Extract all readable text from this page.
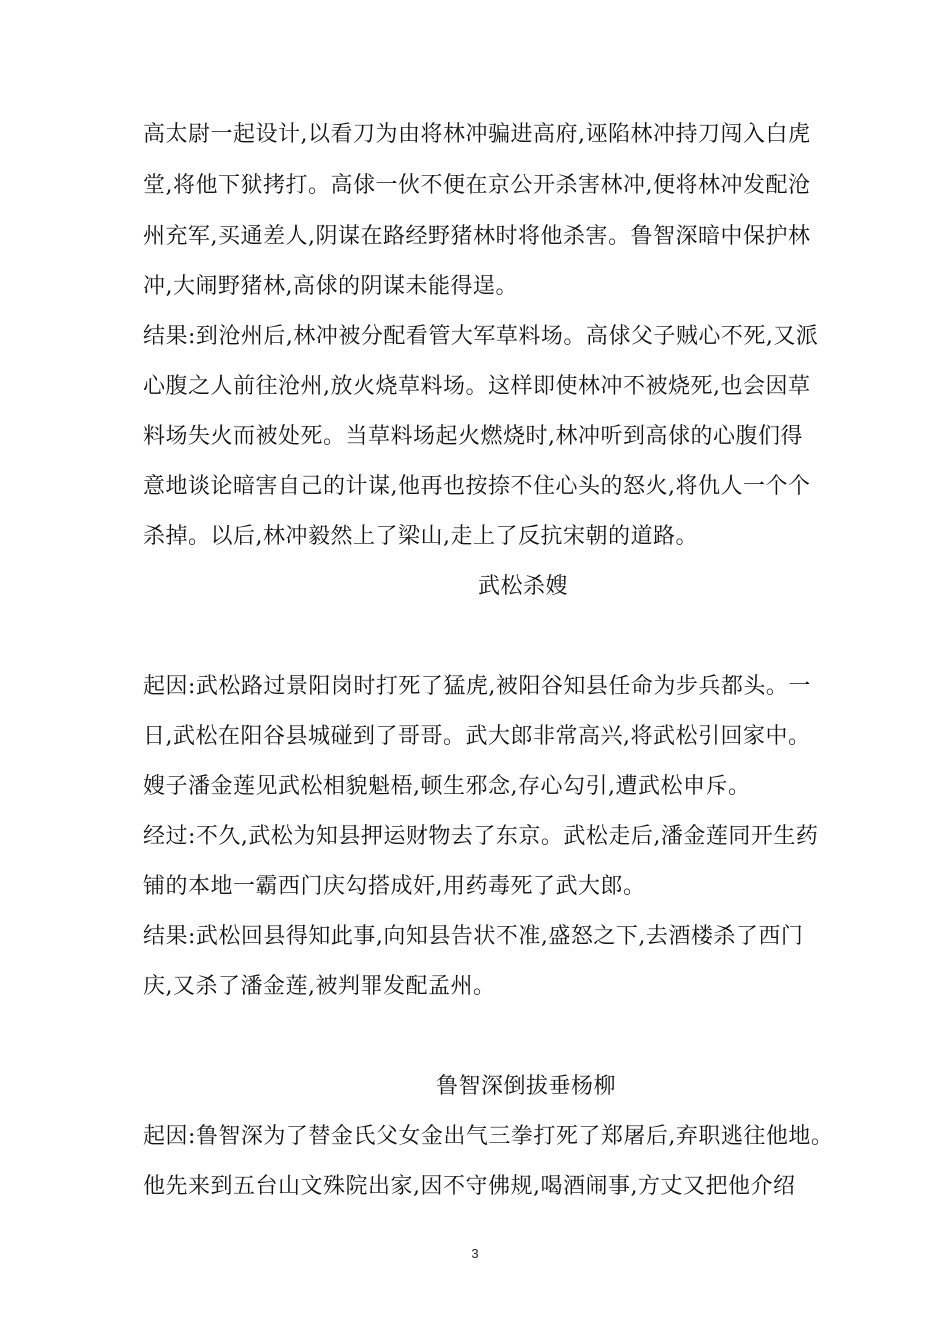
高太尉一起设计,以看刀为由将林冲骗进高府,诬陷林冲持刀闯入白虎
堂,将他下狱拷打。高俅一伙不便在京公开杀害林冲,便将林冲发配沧
州充军,买通差人,阴谋在路经野猪林时将他杀害。鲁智深暗中保护林
冲,大闹野猪林,高俅的阴谋未能得逞。
结果:到沧州后,林冲被分配看管大军草料场。高俅父子贼心不死,又派
心腹之人前往沧州,放火烧草料场。这样即使林冲不被烧死,也会因草
料场失火而被处死。当草料场起火燃烧时,林冲听到高俅的心腹们得
意地谈论暗害自己的计谋,他再也按捺不住心头的怒火,将仇人一个个
杀掉。以后,林冲毅然上了梁山,走上了反抗宋朝的道路。
武松杀嫂
起因:武松路过景阳岗时打死了猛虎,被阳谷知县任命为步兵都头。一
日,武松在阳谷县城碰到了哥哥。武大郎非常高兴,将武松引回家中。
嫂子潘金莲见武松相貌魁梧,顿生邪念,存心勾引,遭武松申斥。
经过:不久,武松为知县押运财物去了东京。武松走后,潘金莲同开生药
铺的本地一霸西门庆勾搭成奸,用药毒死了武大郎。
结果:武松回县得知此事,向知县告状不准,盛怒之下,去酒楼杀了西门
庆,又杀了潘金莲,被判罪发配孟州。
鲁智深倒拔垂杨柳
起因:鲁智深为了替金氏父女金出气三拳打死了郑屠后,弃职逃往他地。
他先来到五台山文殊院出家,因不守佛规,喝酒闹事,方丈又把他介绍
3
